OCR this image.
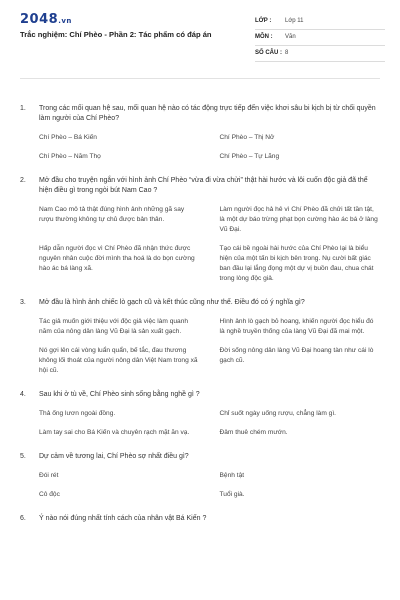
2048.vn
Trắc nghiệm: Chí Phèo - Phần 2: Tác phẩm có đáp án
LỚP : Lớp 11
MÔN : Văn
SỐ CÂU : 8
1.	Trong các mối quan hệ sau, mối quan hệ nào có tác động trực tiếp đến việc khơi sâu bi kịch bị từ chối quyền làm người của Chí Phèo?
Chí Phèo – Bá Kiến	Chí Phèo – Thị Nở
Chí Phèo – Năm Thọ	Chí Phèo – Tự Lãng
2.	Mở đầu cho truyện ngắn với hình ảnh Chí Phèo “vừa đi vừa chửi” thật hài hước và lôi cuốn độc giả đã thể hiện điều gì trong ngòi bút Nam Cao ?
Nam Cao mô tả thật đúng hình ảnh những gã say rượu thường không tự chủ được bản thân.
Làm người đọc hả hê vì Chí Phèo đã chửi tất tần tật, là một dự báo trừng phạt bọn cường hào ác bá ở làng Vũ Đại.
Hấp dẫn người đọc vì Chí Phèo đã nhận thức được nguyên nhân cuộc đời mình tha hoá là do bọn cường hào ác bá làng xã.
Tạo cái bề ngoài hài hước của Chí Phèo lại là biểu hiện của một tấn bi kịch bên trong. Nụ cười bất giác ban đầu lại lắng đọng một dự vị buồn đau, chua chát trong lòng độc giả.
3.	Mở đầu là hình ảnh chiếc lò gạch cũ và kết thúc cũng như thế. Điều đó có ý nghĩa gì?
Tác giả muốn giới thiệu với độc giả việc làm quanh năm của nông dân làng Vũ Đại là sản xuất gạch.
Hình ảnh lò gạch bỏ hoang, khiến người đọc hiểu đó là nghề truyền thống của làng Vũ Đại đã mai một.
Nó gợi lên cái vòng luẩn quẩn, bế tắc, đau thương không lối thoát của người nông dân Việt Nam trong xã hội cũ.
Đời sống nông dân làng Vũ Đại hoang tàn như cái lò gạch cũ.
4.	Sau khi ở tù về, Chí Phèo sinh sống bằng nghề gì ?
Thả ống lươn ngoài đồng.	Chỉ suốt ngày uống rượu, chẳng làm gì.
Làm tay sai cho Bá Kiến và chuyên rạch mặt ăn vạ.	Đâm thuê chém mướn.
5.	Dự cảm về tương lai, Chí Phèo sợ nhất điều gì?
Đói rét	Bệnh tật
Cô độc	Tuổi già.
6.	Ý nào nói đúng nhất tính cách của nhân vật Bá Kiến ?
